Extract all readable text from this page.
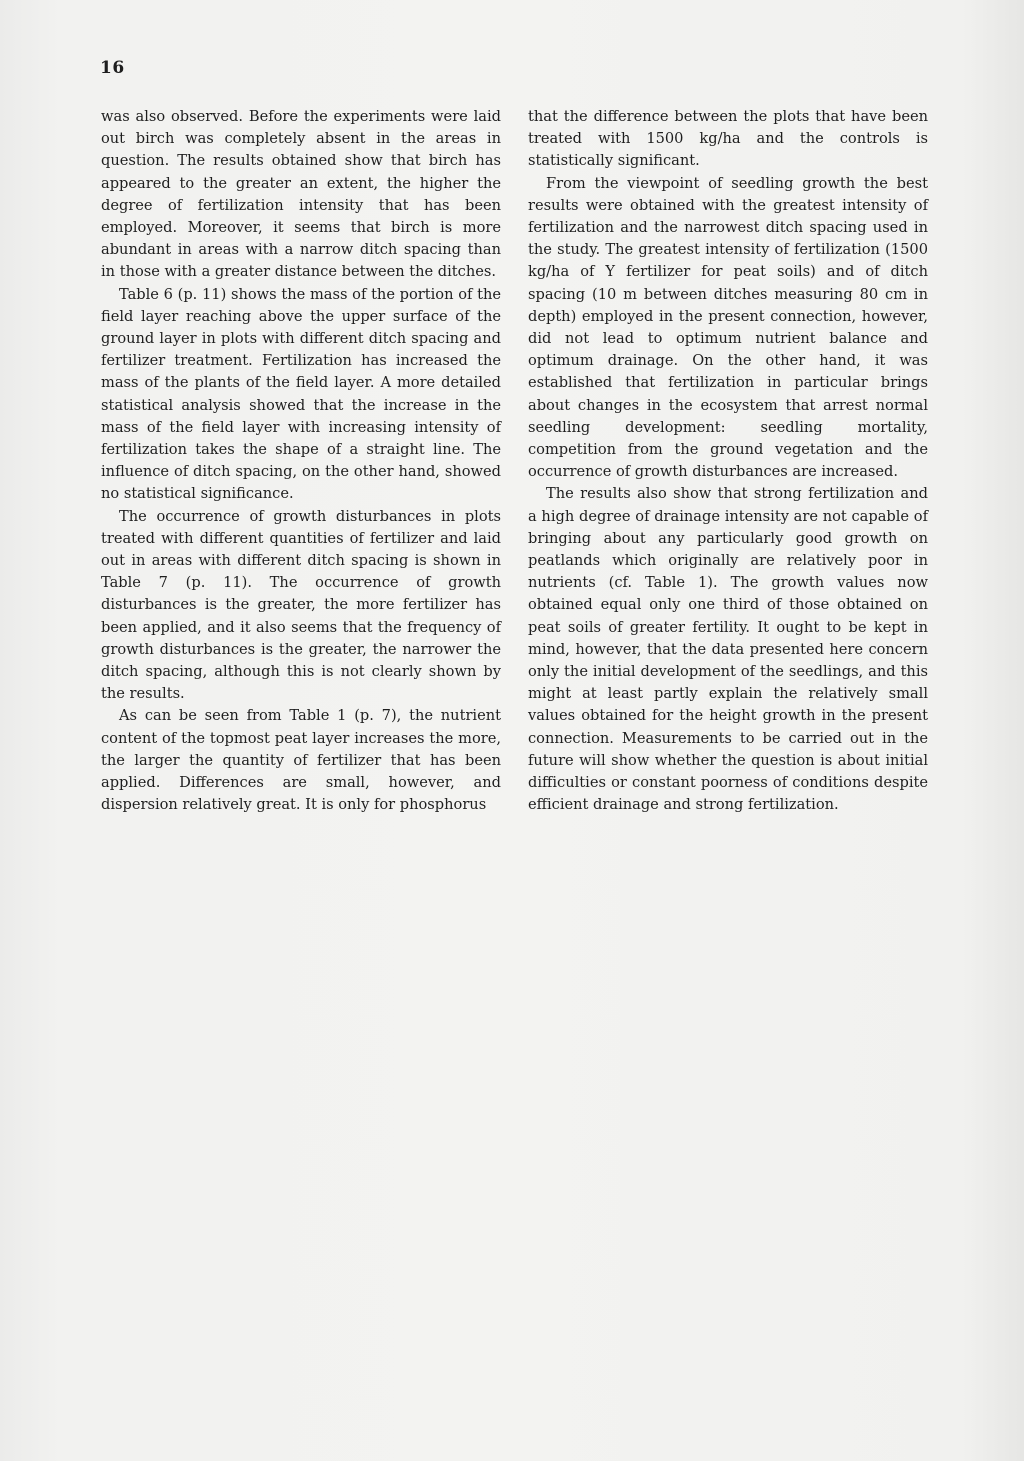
16

was also observed. Before the experiments were laid out birch was completely absent in the areas in question. The results obtained show that birch has appeared to the greater an extent, the higher the degree of fertilization intensity that has been employed. Moreover, it seems that birch is more abundant in areas with a narrow ditch spacing than in those with a greater distance between the ditches.

Table 6 (p. 11) shows the mass of the portion of the field layer reaching above the upper surface of the ground layer in plots with different ditch spacing and fertilizer treatment. Fertilization has increased the mass of the plants of the field layer. A more detailed statistical analysis showed that the increase in the mass of the field layer with increasing intensity of fertilization takes the shape of a straight line. The influence of ditch spacing, on the other hand, showed no statistical significance.

The occurrence of growth disturbances in plots treated with different quantities of fertilizer and laid out in areas with different ditch spacing is shown in Table 7 (p. 11). The occurrence of growth disturbances is the greater, the more fertilizer has been applied, and it also seems that the frequency of growth disturbances is the greater, the narrower the ditch spacing, although this is not clearly shown by the results.

As can be seen from Table 1 (p. 7), the nutrient content of the topmost peat layer increases the more, the larger the quantity of fertilizer that has been applied. Differences are small, however, and dispersion relatively great. It is only for phosphorus

that the difference between the plots that have been treated with 1500 kg/ha and the controls is statistically significant.

From the viewpoint of seedling growth the best results were obtained with the greatest intensity of fertilization and the narrowest ditch spacing used in the study. The greatest intensity of fertilization (1500 kg/ha of Y fertilizer for peat soils) and of ditch spacing (10 m between ditches measuring 80 cm in depth) employed in the present connection, however, did not lead to optimum nutrient balance and optimum drainage. On the other hand, it was established that fertilization in particular brings about changes in the ecosystem that arrest normal seedling development: seedling mortality, competition from the ground vegetation and the occurrence of growth disturbances are increased.

The results also show that strong fertilization and a high degree of drainage intensity are not capable of bringing about any particularly good growth on peatlands which originally are relatively poor in nutrients (cf. Table 1). The growth values now obtained equal only one third of those obtained on peat soils of greater fertility. It ought to be kept in mind, however, that the data presented here concern only the initial development of the seedlings, and this might at least partly explain the relatively small values obtained for the height growth in the present connection. Measurements to be carried out in the future will show whether the question is about initial difficulties or constant poorness of conditions despite efficient drainage and strong fertilization.
